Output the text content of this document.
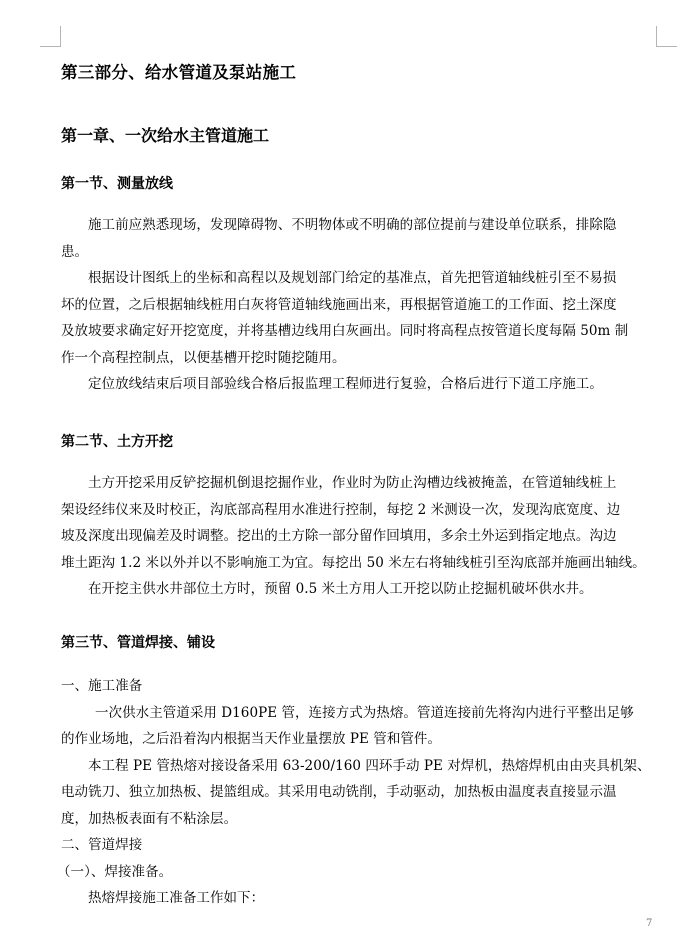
第三部分、给水管道及泵站施工
第一章、一次给水主管道施工
第一节、测量放线
施工前应熟悉现场，发现障碍物、不明物体或不明确的部位提前与建设单位联系，排除隐
患。
根据设计图纸上的坐标和高程以及规划部门给定的基准点，首先把管道轴线桩引至不易损
坏的位置，之后根据轴线桩用白灰将管道轴线施画出来，再根据管道施工的工作面、挖土深度
及放坡要求确定好开挖宽度，并将基槽边线用白灰画出。同时将高程点按管道长度每隔 50m 制
作一个高程控制点，以便基槽开挖时随挖随用。
定位放线结束后项目部验线合格后报监理工程师进行复验，合格后进行下道工序施工。
第二节、土方开挖
土方开挖采用反铲挖掘机倒退挖掘作业，作业时为防止沟槽边线被掩盖，在管道轴线桩上
架设经纬仪来及时校正，沟底部高程用水准进行控制，每挖 2 米测设一次，发现沟底宽度、边
坡及深度出现偏差及时调整。挖出的土方除一部分留作回填用，多余土外运到指定地点。沟边
堆土距沟 1.2 米以外并以不影响施工为宜。每挖出 50 米左右将轴线桩引至沟底部并施画出轴线。
在开挖主供水井部位土方时，预留 0.5 米土方用人工开挖以防止挖掘机破坏供水井。
第三节、管道焊接、铺设
一、施工准备
一次供水主管道采用 D160PE 管，连接方式为热熔。管道连接前先将沟内进行平整出足够
的作业场地，之后沿着沟内根据当天作业量摆放 PE 管和管件。
本工程 PE 管热熔对接设备采用 63-200/160 四环手动 PE 对焊机，热熔焊机由由夹具机架、
电动铣刀、独立加热板、提篮组成。其采用电动铣削，手动驱动，加热板由温度表直接显示温
度，加热板表面有不粘涂层。
二、管道焊接
（一）、焊接准备。
热熔焊接施工准备工作如下：
7
